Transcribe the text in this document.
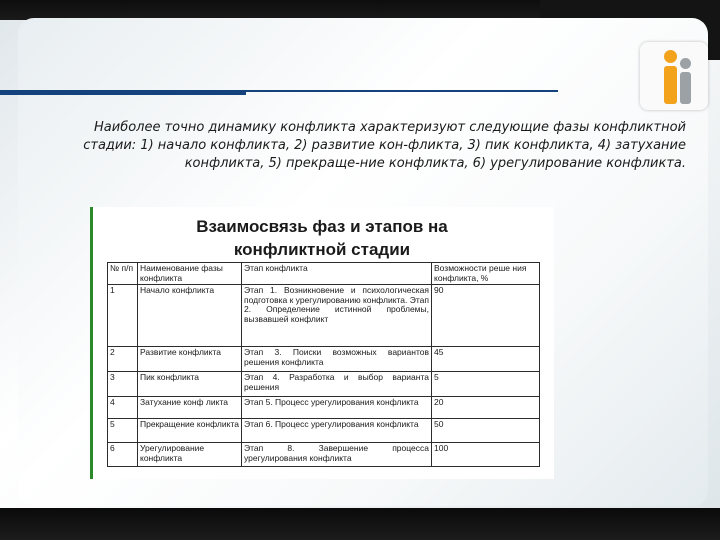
Наиболее точно динамику конфликта характеризуют следующие фазы конфликтной стадии: 1) начало конфликта, 2) развитие кон-фликта, 3) пик конфликта, 4) затухание конфликта, 5) прекраще-ние конфликта, 6) урегулирование конфликта.
Взаимосвязь фаз и этапов на
конфликтной стадии
№ п/п	Наименование фазы конфликта	Этап конфликта	Возможности реше ния конфликта, %
1	Начало конфликта	Этап 1. Возникновение и психологическая подготовка к урегулированию конфликта. Этап 2. Определение истинной проблемы, вызвавшей конфликт	90
2	Развитие конфликта	Этап 3. Поиски возможных вариантов решения конфликта	45
3	Пик конфликта	Этап 4. Разработка и выбор варианта решения	5
4	Затухание конф ликта	Этап 5. Процесс урегулирования конфликта	20
5	Прекращение конфликта	Этап 6. Процесс урегулирования конфликта	50
6	Урегулирование конфликта	Этап 8. Завершение процесса урегулирования конфликта	100
